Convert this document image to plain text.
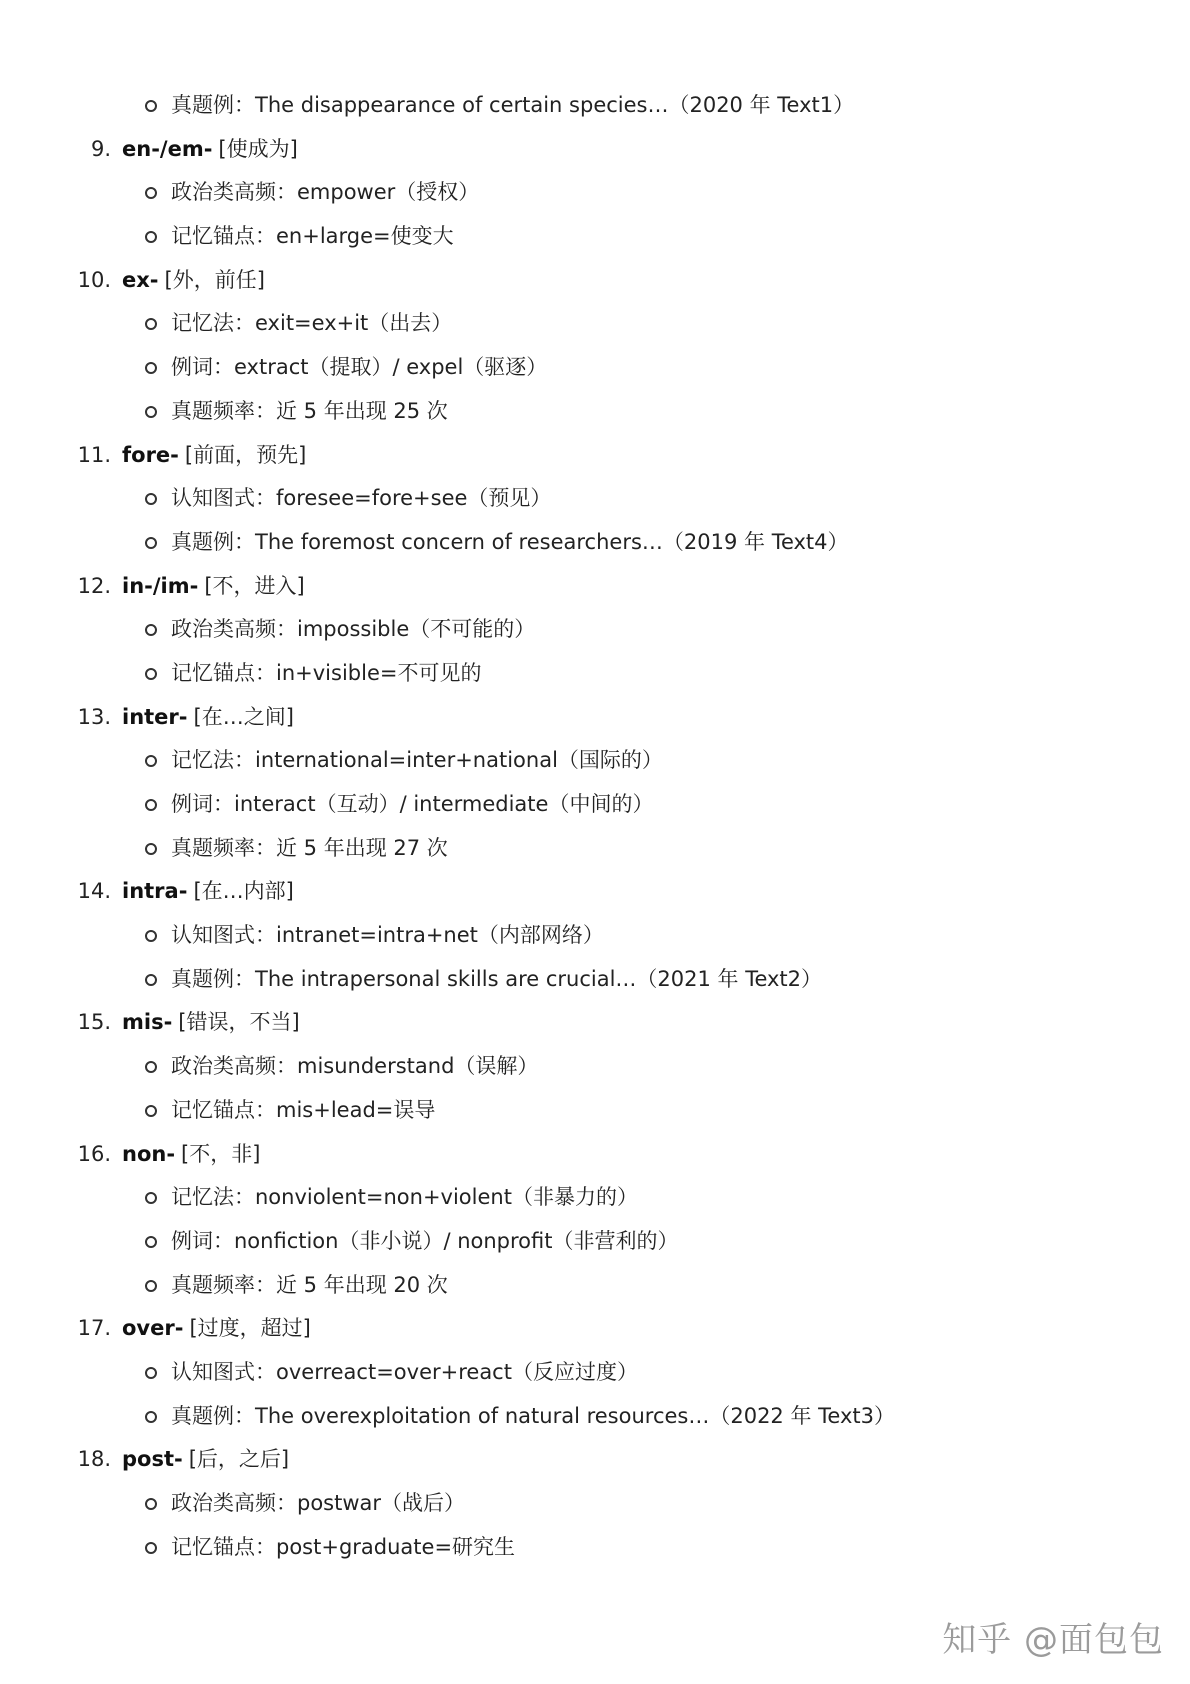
真题例：The disappearance of certain species…（2020 年 Text1）
9. en-/em- [使成为]
政治类高频：empower（授权）
记忆锚点：en+large=使变大
10. ex- [外，前任]
记忆法：exit=ex+it（出去）
例词：extract（提取）/ expel（驱逐）
真题频率：近 5 年出现 25 次
11. fore- [前面，预先]
认知图式：foresee=fore+see（预见）
真题例：The foremost concern of researchers…（2019 年 Text4）
12. in-/im- [不，进入]
政治类高频：impossible（不可能的）
记忆锚点：in+visible=不可见的
13. inter- [在…之间]
记忆法：international=inter+national（国际的）
例词：interact（互动）/ intermediate（中间的）
真题频率：近 5 年出现 27 次
14. intra- [在…内部]
认知图式：intranet=intra+net（内部网络）
真题例：The intrapersonal skills are crucial…（2021 年 Text2）
15. mis- [错误，不当]
政治类高频：misunderstand（误解）
记忆锚点：mis+lead=误导
16. non- [不，非]
记忆法：nonviolent=non+violent（非暴力的）
例词：nonfiction（非小说）/ nonprofit（非营利的）
真题频率：近 5 年出现 20 次
17. over- [过度，超过]
认知图式：overreact=over+react（反应过度）
真题例：The overexploitation of natural resources…（2022 年 Text3）
18. post- [后，之后]
政治类高频：postwar（战后）
记忆锚点：post+graduate=研究生
知乎 @面包包
